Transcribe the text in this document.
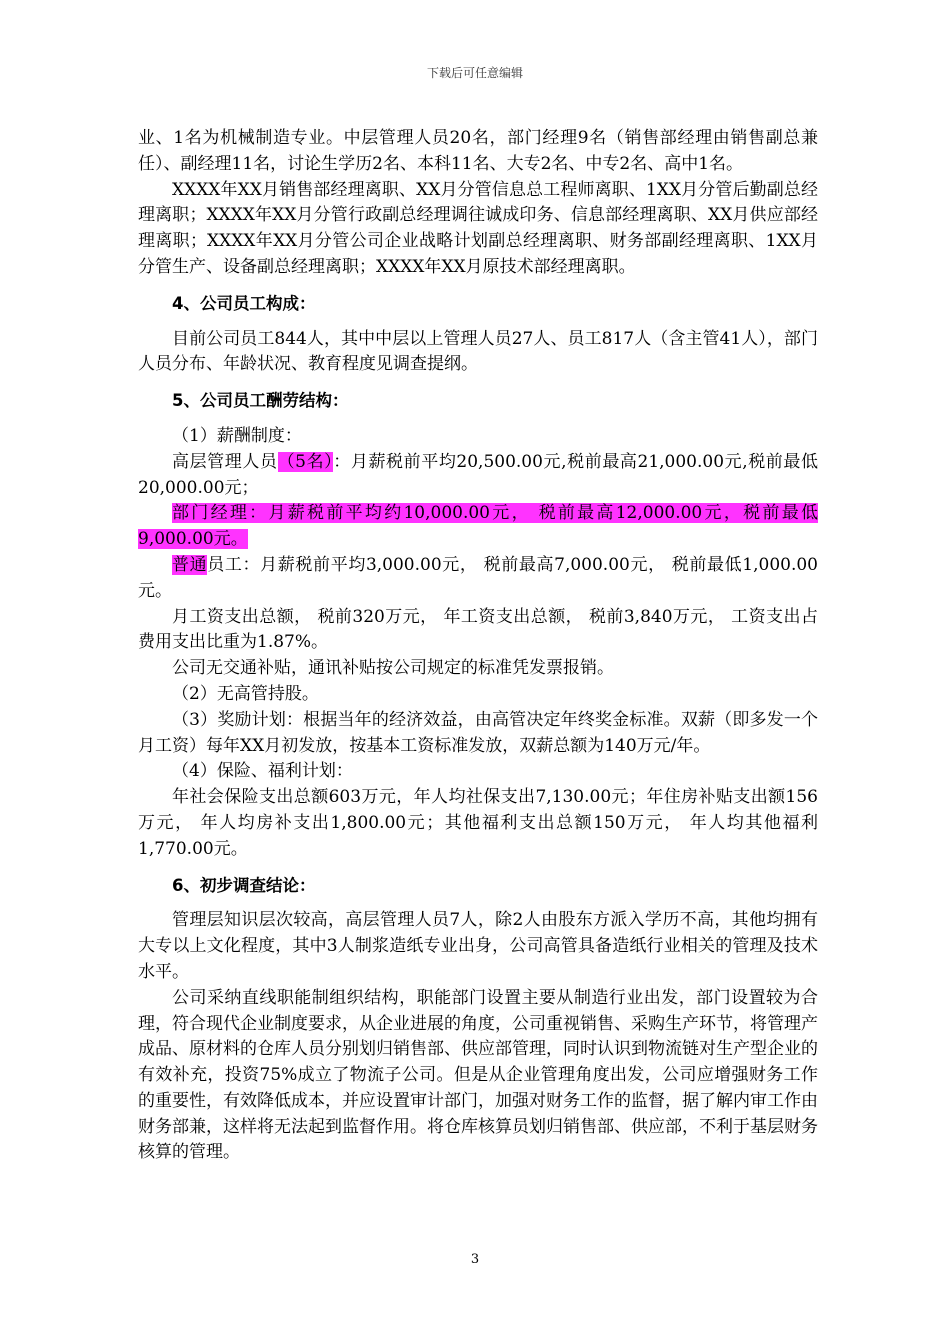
下载后可任意编辑

业、1名为机械制造专业。中层管理人员20名，部门经理9名（销售部经理由销售副总兼任）、副经理11名，讨论生学历2名、本科11名、大专2名、中专2名、高中1名。

XXXX年XX月销售部经理离职、XX月分管信息总工程师离职、1XX月分管后勤副总经理离职；XXXX年XX月分管行政副总经理调往诚成印务、信息部经理离职、XX月供应部经理离职；XXXX年XX月分管公司企业战略计划副总经理离职、财务部副经理离职、1XX月分管生产、设备副总经理离职；XXXX年XX月原技术部经理离职。

4、公司员工构成：

目前公司员工844人，其中中层以上管理人员27人、员工817人（含主管41人），部门人员分布、年龄状况、教育程度见调查提纲。

5、公司员工酬劳结构：

（1）薪酬制度：

高层管理人员（5名）：月薪税前平均20,500.00元,税前最高21,000.00元,税前最低20,000.00元；

部门经理：月薪税前平均约10,000.00元， 税前最高12,000.00元，税前最低9,000.00元。

普通员工：月薪税前平均3,000.00元， 税前最高7,000.00元， 税前最低1,000.00元。

月工资支出总额， 税前320万元， 年工资支出总额， 税前3,840万元， 工资支出占费用支出比重为1.87%。

公司无交通补贴，通讯补贴按公司规定的标准凭发票报销。

（2）无高管持股。

（3）奖励计划：根据当年的经济效益，由高管决定年终奖金标准。双薪（即多发一个月工资）每年XX月初发放，按基本工资标准发放，双薪总额为140万元/年。

（4）保险、福利计划：

年社会保险支出总额603万元，年人均社保支出7,130.00元；年住房补贴支出额156万元， 年人均房补支出1,800.00元；其他福利支出总额150万元， 年人均其他福利 1,770.00元。

6、初步调查结论：

管理层知识层次较高，高层管理人员7人，除2人由股东方派入学历不高，其他均拥有大专以上文化程度，其中3人制浆造纸专业出身，公司高管具备造纸行业相关的管理及技术水平。

公司采纳直线职能制组织结构，职能部门设置主要从制造行业出发，部门设置较为合理，符合现代企业制度要求，从企业进展的角度，公司重视销售、采购生产环节，将管理产成品、原材料的仓库人员分别划归销售部、供应部管理，同时认识到物流链对生产型企业的有效补充，投资75%成立了物流子公司。但是从企业管理角度出发，公司应增强财务工作的重要性，有效降低成本，并应设置审计部门，加强对财务工作的监督，据了解内审工作由财务部兼，这样将无法起到监督作用。将仓库核算员划归销售部、供应部，不利于基层财务核算的管理。

3
